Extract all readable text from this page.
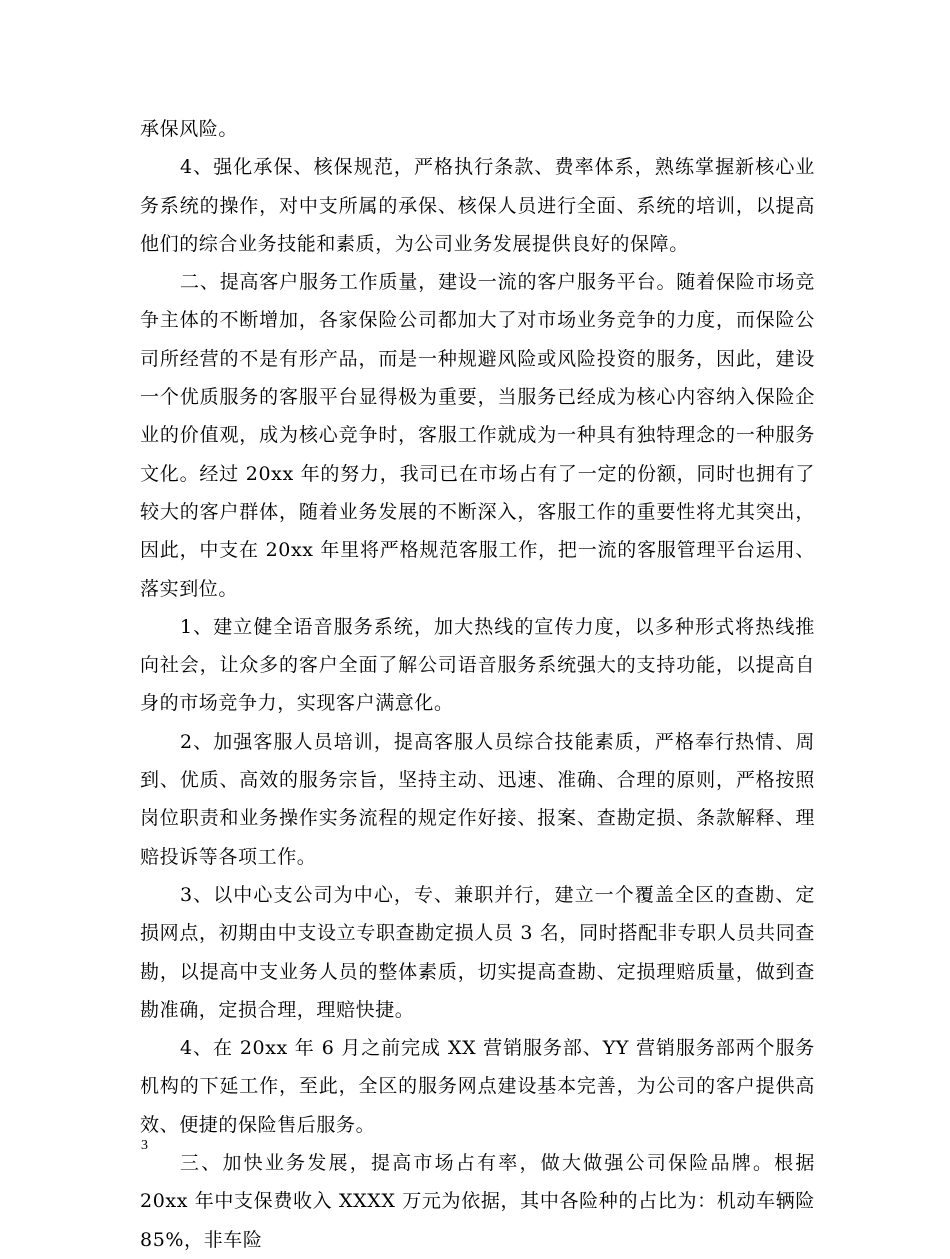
承保风险。

4、强化承保、核保规范，严格执行条款、费率体系，熟练掌握新核心业务系统的操作，对中支所属的承保、核保人员进行全面、系统的培训，以提高他们的综合业务技能和素质，为公司业务发展提供良好的保障。

二、提高客户服务工作质量，建设一流的客户服务平台。随着保险市场竞争主体的不断增加，各家保险公司都加大了对市场业务竞争的力度，而保险公司所经营的不是有形产品，而是一种规避风险或风险投资的服务，因此，建设一个优质服务的客服平台显得极为重要，当服务已经成为核心内容纳入保险企业的价值观，成为核心竞争时，客服工作就成为一种具有独特理念的一种服务文化。经过 20xx 年的努力，我司已在市场占有了一定的份额，同时也拥有了较大的客户群体，随着业务发展的不断深入，客服工作的重要性将尤其突出，因此，中支在 20xx 年里将严格规范客服工作，把一流的客服管理平台运用、落实到位。

1、建立健全语音服务系统，加大热线的宣传力度，以多种形式将热线推向社会，让众多的客户全面了解公司语音服务系统强大的支持功能，以提高自身的市场竞争力，实现客户满意化。

2、加强客服人员培训，提高客服人员综合技能素质，严格奉行热情、周到、优质、高效的服务宗旨，坚持主动、迅速、准确、合理的原则，严格按照岗位职责和业务操作实务流程的规定作好接、报案、查勘定损、条款解释、理赔投诉等各项工作。

3、以中心支公司为中心，专、兼职并行，建立一个覆盖全区的查勘、定损网点，初期由中支设立专职查勘定损人员 3 名，同时搭配非专职人员共同查勘，以提高中支业务人员的整体素质，切实提高查勘、定损理赔质量，做到查勘准确，定损合理，理赔快捷。

4、在 20xx 年 6 月之前完成 XX 营销服务部、YY 营销服务部两个服务机构的下延工作，至此，全区的服务网点建设基本完善，为公司的客户提供高效、便捷的保险售后服务。

三、加快业务发展，提高市场占有率，做大做强公司保险品牌。根据 20xx 年中支保费收入 XXXX 万元为依据，其中各险种的占比为：机动车辆险 85%，非车险

3
